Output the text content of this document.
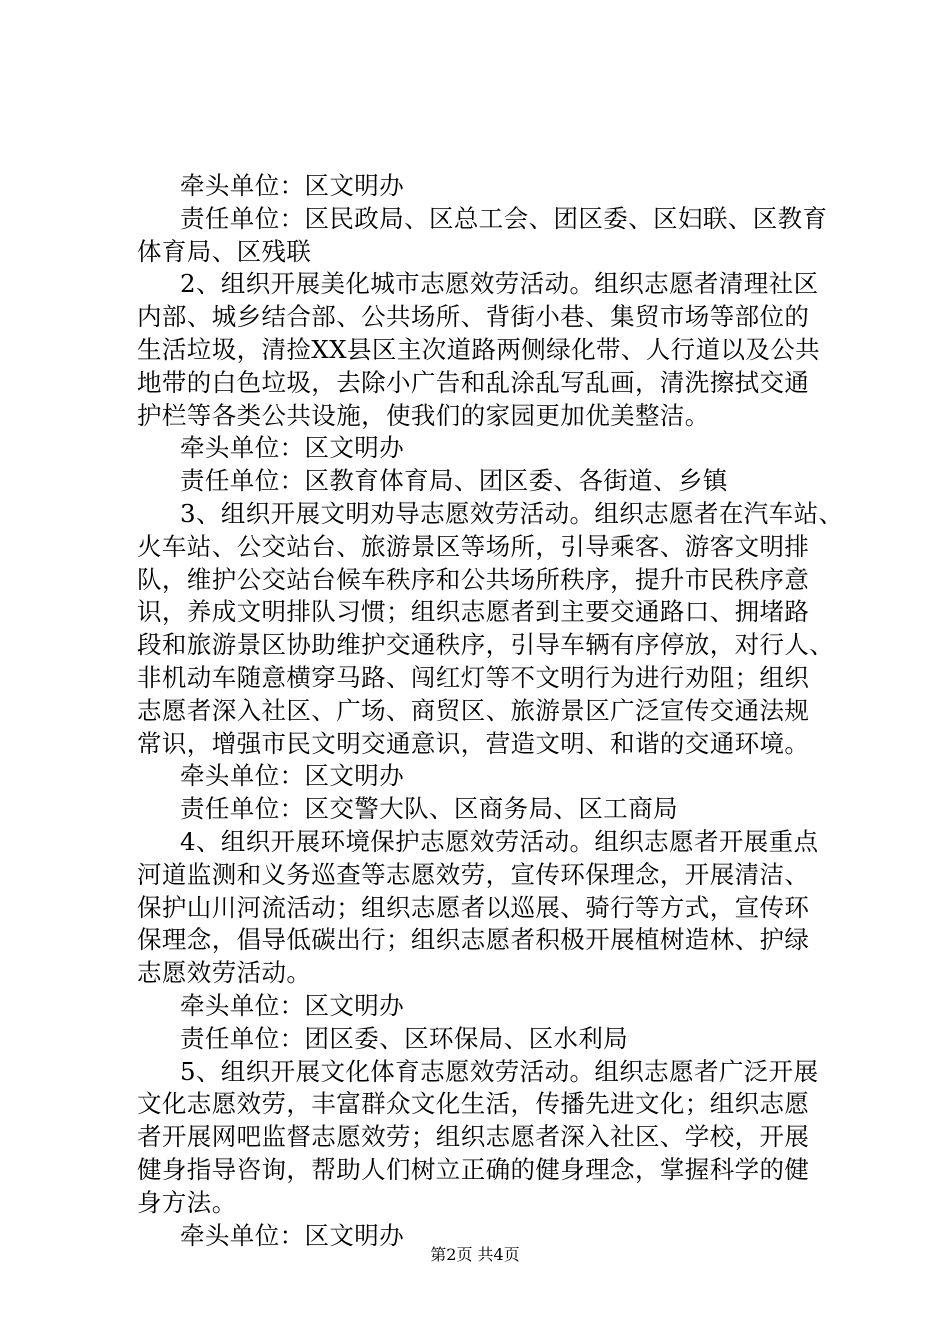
牵头单位：区文明办
责任单位：区民政局、区总工会、团区委、区妇联、区教育
体育局、区残联
2、组织开展美化城市志愿效劳活动。组织志愿者清理社区
内部、城乡结合部、公共场所、背街小巷、集贸市场等部位的
生活垃圾，清捡XX县区主次道路两侧绿化带、人行道以及公共
地带的白色垃圾，去除小广告和乱涂乱写乱画，清洗擦拭交通
护栏等各类公共设施，使我们的家园更加优美整洁。
牵头单位：区文明办
责任单位：区教育体育局、团区委、各街道、乡镇
3、组织开展文明劝导志愿效劳活动。组织志愿者在汽车站、
火车站、公交站台、旅游景区等场所，引导乘客、游客文明排
队，维护公交站台候车秩序和公共场所秩序，提升市民秩序意
识，养成文明排队习惯；组织志愿者到主要交通路口、拥堵路
段和旅游景区协助维护交通秩序，引导车辆有序停放，对行人、
非机动车随意横穿马路、闯红灯等不文明行为进行劝阻；组织
志愿者深入社区、广场、商贸区、旅游景区广泛宣传交通法规
常识，增强市民文明交通意识，营造文明、和谐的交通环境。
牵头单位：区文明办
责任单位：区交警大队、区商务局、区工商局
4、组织开展环境保护志愿效劳活动。组织志愿者开展重点
河道监测和义务巡查等志愿效劳，宣传环保理念，开展清洁、
保护山川河流活动；组织志愿者以巡展、骑行等方式，宣传环
保理念，倡导低碳出行；组织志愿者积极开展植树造林、护绿
志愿效劳活动。
牵头单位：区文明办
责任单位：团区委、区环保局、区水利局
5、组织开展文化体育志愿效劳活动。组织志愿者广泛开展
文化志愿效劳，丰富群众文化生活，传播先进文化；组织志愿
者开展网吧监督志愿效劳；组织志愿者深入社区、学校，开展
健身指导咨询，帮助人们树立正确的健身理念，掌握科学的健
身方法。
牵头单位：区文明办
第2页 共4页
